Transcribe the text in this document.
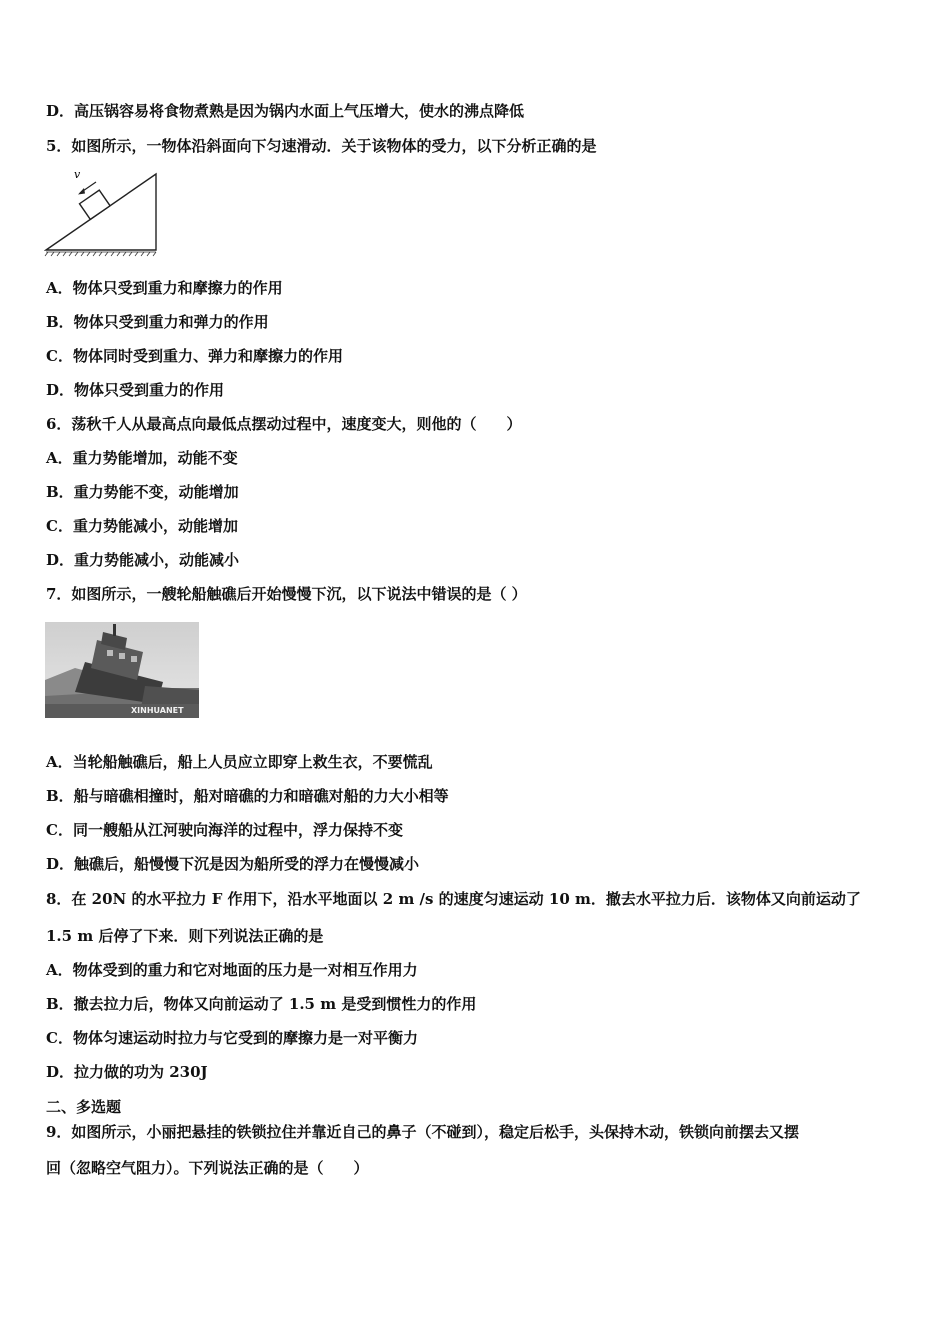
D．高压锅容易将食物煮熟是因为锅内水面上气压增大，使水的沸点降低
5．如图所示，一物体沿斜面向下匀速滑动．关于该物体的受力，以下分析正确的是
v
A．物体只受到重力和摩擦力的作用
B．物体只受到重力和弹力的作用
C．物体同时受到重力、弹力和摩擦力的作用
D．物体只受到重力的作用
6．荡秋千人从最高点向最低点摆动过程中，速度变大，则他的（　　）
A．重力势能增加，动能不变
B．重力势能不变，动能增加
C．重力势能减小，动能增加
D．重力势能减小，动能减小
7．如图所示，一艘轮船触礁后开始慢慢下沉，以下说法中错误的是（ ）
XINHUANET
A．当轮船触礁后，船上人员应立即穿上救生衣，不要慌乱
B．船与暗礁相撞时，船对暗礁的力和暗礁对船的力大小相等
C．同一艘船从江河驶向海洋的过程中，浮力保持不变
D．触礁后，船慢慢下沉是因为船所受的浮力在慢慢减小
8．在 20N 的水平拉力 F 作用下，沿水平地面以 2 m /s 的速度匀速运动 10 m．撤去水平拉力后．该物体又向前运动了
1.5 m 后停了下来．则下列说法正确的是
A．物体受到的重力和它对地面的压力是一对相互作用力
B．撤去拉力后，物体又向前运动了 1.5 m 是受到惯性力的作用
C．物体匀速运动时拉力与它受到的摩擦力是一对平衡力
D．拉力做的功为 230J
二、多选题
9．如图所示，小丽把悬挂的铁锁拉住并靠近自己的鼻子（不碰到），稳定后松手，头保持木动，铁锁向前摆去又摆
回（忽略空气阻力）。下列说法正确的是（　　）
